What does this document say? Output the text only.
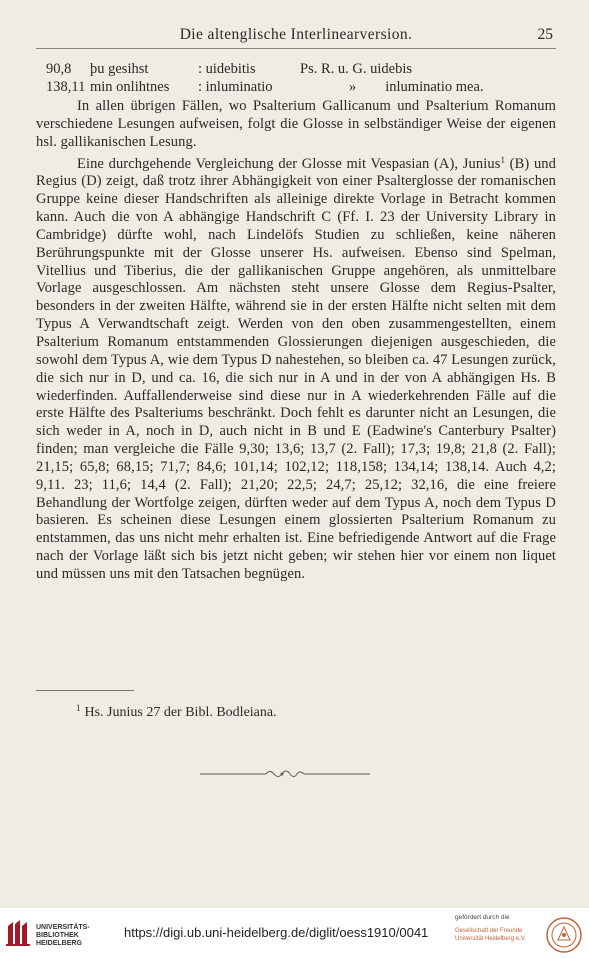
Die altenglische Interlinearversion.	25
90,8 þu gesihst	: uidebitis	Ps. R. u. G. uidebis
138,11 min onlihtnes : inluminatio	»  inluminatio mea.

In allen übrigen Fällen, wo Psalterium Gallicanum und Psalterium Romanum verschiedene Lesungen aufweisen, folgt die Glosse in selbständiger Weise der eigenen hsl. gallikanischen Lesung.

Eine durchgehende Vergleichung der Glosse mit Vespasian (A), Junius$^1$ (B) und Regius (D) zeigt, daß trotz ihrer Abhängigkeit von einer Psalterglosse der romanischen Gruppe keine dieser Handschriften als alleinige direkte Vorlage in Betracht kommen kann. Auch die von A abhängige Handschrift C (Ff. I. 23 der University Library in Cambridge) dürfte wohl, nach Lindelöfs Studien zu schließen, keine näheren Berührungspunkte mit der Glosse unserer Hs. aufweisen. Ebenso sind Spelman, Vitellius und Tiberius, die der gallikanischen Gruppe angehören, als unmittelbare Vorlage ausgeschlossen. Am nächsten steht unsere Glosse dem Regius-Psalter, besonders in der zweiten Hälfte, während sie in der ersten Hälfte nicht selten mit dem Typus A Verwandtschaft zeigt. Werden von den oben zusammengestellten, einem Psalterium Romanum entstammenden Glossierungen diejenigen ausgeschieden, die sowohl dem Typus A, wie dem Typus D nahestehen, so bleiben ca. 47 Lesungen zurück, die sich nur in D, und ca. 16, die sich nur in A und in der von A abhängigen Hs. B wiederfinden. Auffallenderweise sind diese nur in A wiederkehrenden Fälle auf die erste Hälfte des Psalteriums beschränkt. Doch fehlt es darunter nicht an Lesungen, die sich weder in A, noch in D, auch nicht in B und E (Eadwine's Canterbury Psalter) finden; man vergleiche die Fälle 9,30; 13,6; 13,7 (2. Fall); 17,3; 19,8; 21,8 (2. Fall); 21,15; 65,8; 68,15; 71,7; 84,6; 101,14; 102,12; 118,158; 134,14; 138,14. Auch 4,2; 9,11. 23; 11,6; 14,4 (2. Fall); 21,20; 22,5; 24,7; 25,12; 32,16, die eine freiere Behandlung der Wortfolge zeigen, dürften weder auf dem Typus A, noch dem Typus D basieren. Es scheinen diese Lesungen einem glossierten Psalterium Romanum zu entstammen, das uns nicht mehr erhalten ist. Eine befriedigende Antwort auf die Frage nach der Vorlage läßt sich bis jetzt nicht geben; wir stehen hier vor einem non liquet und müssen uns mit den Tatsachen begnügen.

$^1$ Hs. Junius 27 der Bibl. Bodleiana.
UNIVERSITÄTS-
BIBLIOTHEK
HEIDELBERG
https://digi.ub.uni-heidelberg.de/diglit/oess1910/0041
gefördert durch die
Gesellschaft der Freunde
Universität Heidelberg e.V.
